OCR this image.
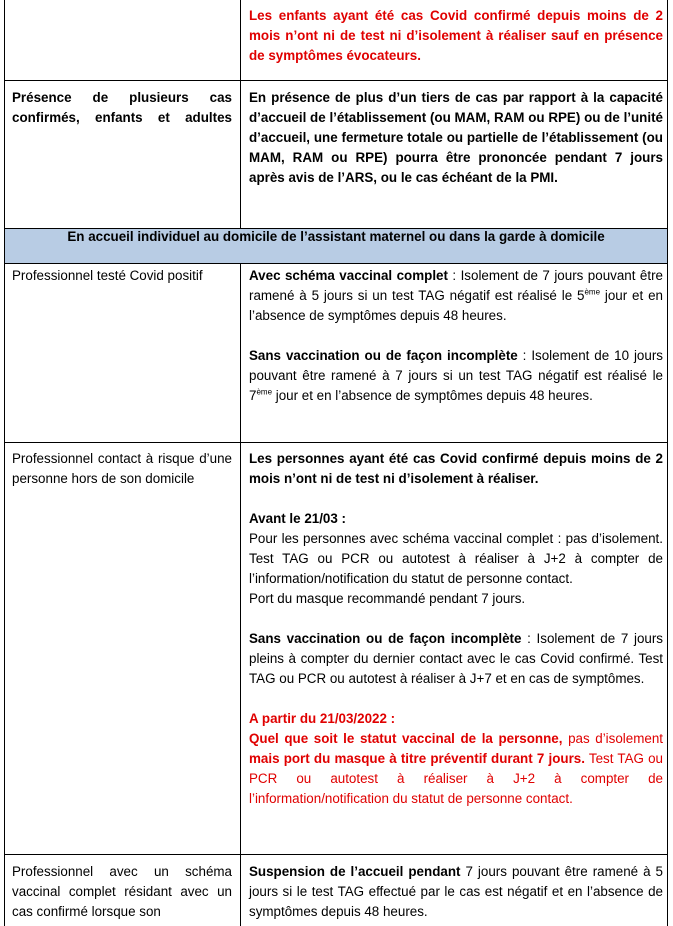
Les enfants ayant été cas Covid confirmé depuis moins de 2 mois n’ont ni de test ni d’isolement à réaliser sauf en présence de symptômes évocateurs.

Présence de plusieurs cas confirmés, enfants et adultes
En présence de plus d’un tiers de cas par rapport à la capacité d’accueil de l’établissement (ou MAM, RAM ou RPE) ou de l’unité d’accueil, une fermeture totale ou partielle de l’établissement (ou MAM, RAM ou RPE) pourra être prononcée pendant 7 jours après avis de l’ARS, ou le cas échéant de la PMI.
En accueil individuel au domicile de l’assistant maternel ou dans la garde à domicile
Professionnel testé Covid positif	Avec schéma vaccinal complet : Isolement de 7 jours pouvant être ramené à 5 jours si un test TAG négatif est réalisé le 5ème jour et en l’absence de symptômes depuis 48 heures.

Sans vaccination ou de façon incomplète : Isolement de 10 jours pouvant être ramené à 7 jours si un test TAG négatif est réalisé le 7ème jour et en l’absence de symptômes depuis 48 heures.

Professionnel contact à risque d’une personne hors de son domicile

Les personnes ayant été cas Covid confirmé depuis moins de 2 mois n’ont ni de test ni d’isolement à réaliser.

Avant le 21/03 :

Pour les personnes avec schéma vaccinal complet : pas d’isolement. Test TAG ou PCR ou autotest à réaliser à J+2 à compter de l’information/notification du statut de personne contact.

Port du masque recommandé pendant 7 jours.

Sans vaccination ou de façon incomplète : Isolement de 7 jours pleins à compter du dernier contact avec le cas Covid confirmé. Test TAG ou PCR ou autotest à réaliser à J+7 et en cas de symptômes.

A partir du 21/03/2022 :

Quel que soit le statut vaccinal de la personne, pas d’isolement mais port du masque à titre préventif durant 7 jours. Test TAG ou PCR ou autotest à réaliser à J+2 à compter de l’information/notification du statut de personne contact.

Professionnel avec un schéma vaccinal complet résidant avec un cas confirmé lorsque son
Suspension de l’accueil pendant 7 jours pouvant être ramené à 5 jours si le test TAG effectué par le cas est négatif et en l’absence de symptômes depuis 48 heures.
